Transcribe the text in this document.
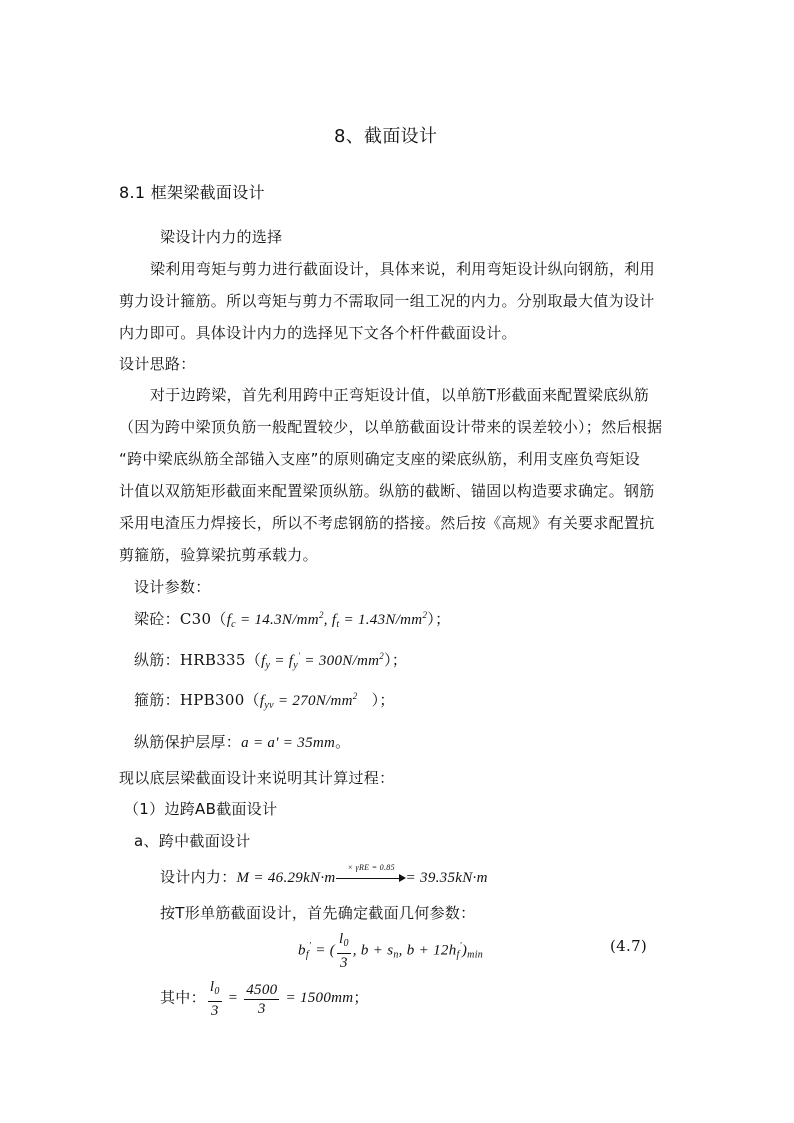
8、截面设计
8.1 框架梁截面设计
梁设计内力的选择
梁利用弯矩与剪力进行截面设计，具体来说，利用弯矩设计纵向钢筋，利用
剪力设计箍筋。所以弯矩与剪力不需取同一组工况的内力。分别取最大值为设计
内力即可。具体设计内力的选择见下文各个杆件截面设计。
设计思路：
对于边跨梁，首先利用跨中正弯矩设计值，以单筋T形截面来配置梁底纵筋
（因为跨中梁顶负筋一般配置较少，以单筋截面设计带来的误差较小）；然后根据
“跨中梁底纵筋全部锚入支座”的原则确定支座的梁底纵筋，利用支座负弯矩设
计值以双筋矩形截面来配置梁顶纵筋。纵筋的截断、锚固以构造要求确定。钢筋
采用电渣压力焊接长，所以不考虑钢筋的搭接。然后按《高规》有关要求配置抗
剪箍筋，验算梁抗剪承载力。
设计参数：
梁砼：$C30(f_c = 14.3N/mm^2$, $f_t = 1.43N/mm^2$）；
纵筋：$HRB335(f_y = f_y' = 300N/mm^2)$；
箍筋：$HPB300(f_{yv} = 270N/mm^2$ ）；
纵筋保护层厚：a = a' = 35mm。
现以底层梁截面设计来说明其计算过程：
（1）边跨AB截面设计
a、跨中截面设计
设计内力：M = 46.29kN·m
× γRE = 0.85
= 39.35kN·m
按T形单筋截面设计，首先确定截面几何参数：
$b_f'$ = ( $\frac{l_0}{3}$ , $b + s_n$, $b + 12h_f')_{min}$	(4.7)
其中： $\frac{l_0}{3} = \frac{4500}{3} = 1500mm$；
